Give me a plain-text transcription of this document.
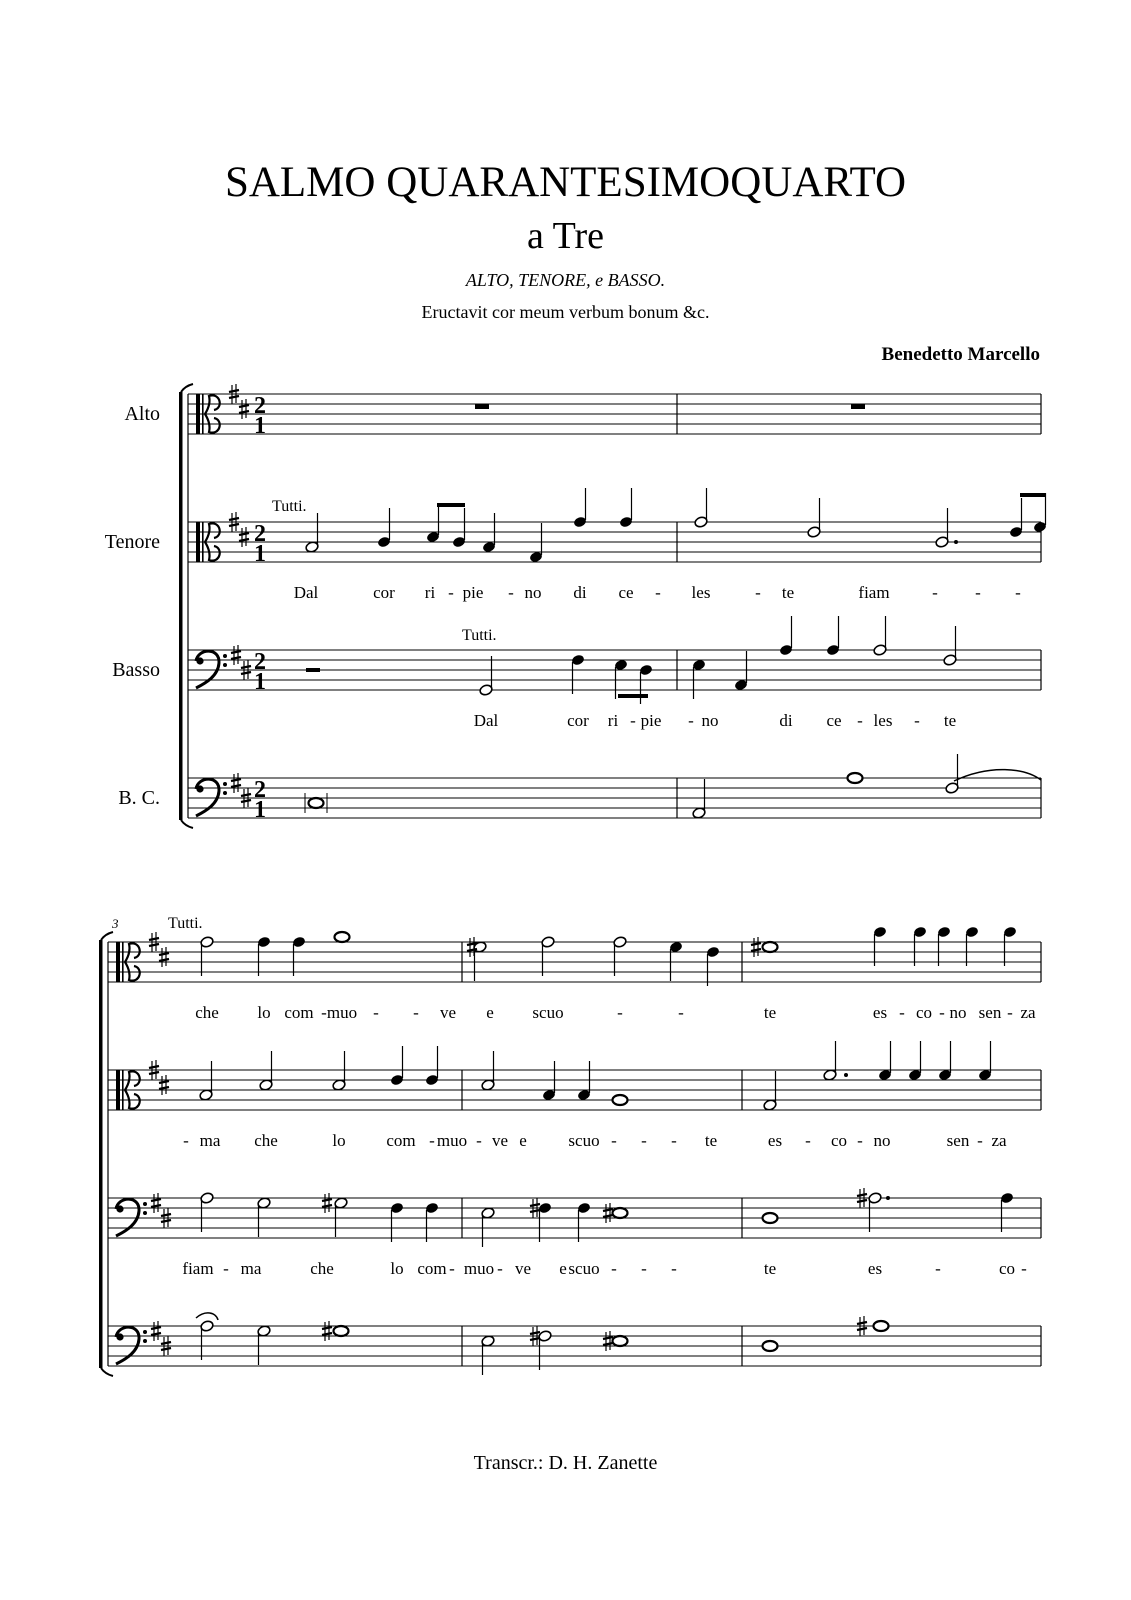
SALMO QUARANTESIMOQUARTO
a Tre
ALTO, TENORE, e BASSO.
Eructavit cor meum verbum bonum &c.
Benedetto Marcello
2
1
2
1
2
1
2
1
Alto
Tenore
Basso
B. C.
3
Tutti.
Tutti.
Tutti.
Dal	cor ri - pie - no di ce - les	- te	fiam	- - -
Dal	cor ri - pie - no	di ce - les - te
che lo com - muo - - ve e scuo	-	-	te	es - co - no sen - za
- ma che	lo com - muo - ve e scuo - - - te	es - co - no	sen - za
fiam - ma	che	lo com - muo - ve e scuo - - -	te	es	-	co -
Transcr.: D. H. Zanette
